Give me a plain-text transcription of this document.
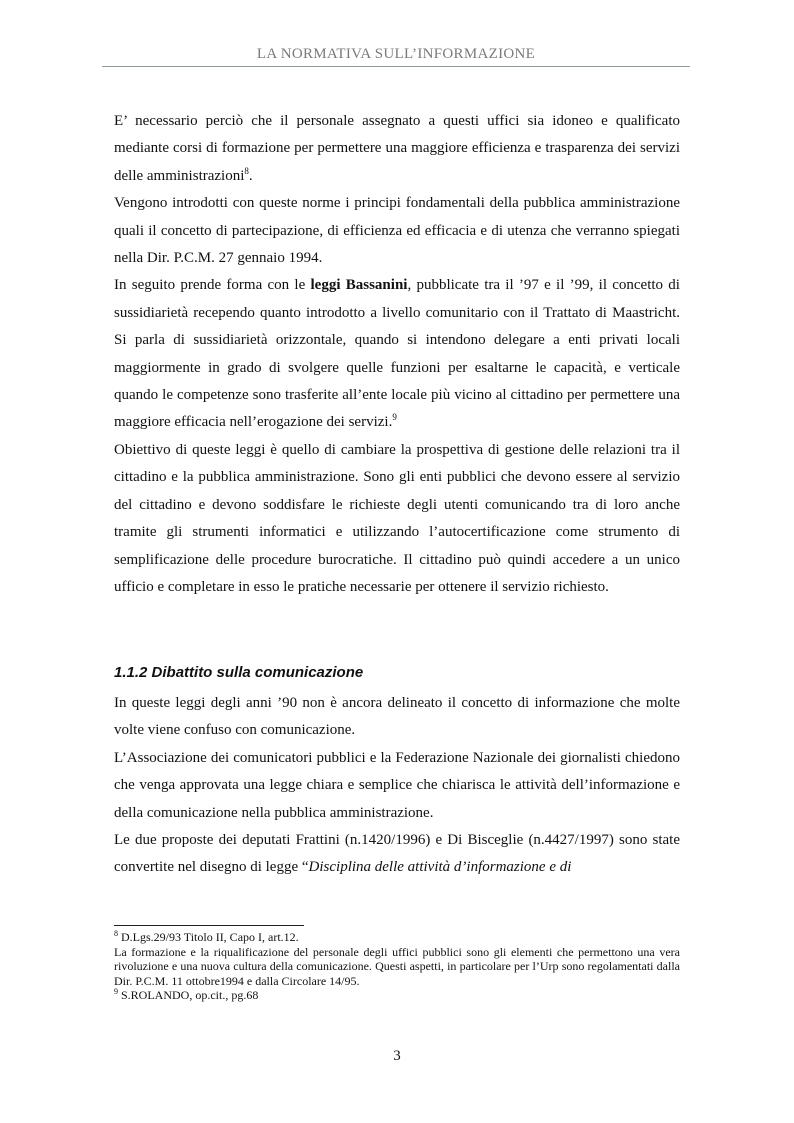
LA NORMATIVA SULL’INFORMAZIONE

E’ necessario perciò che il personale assegnato a questi uffici sia idoneo e qualificato mediante corsi di formazione per permettere una maggiore efficienza e trasparenza dei servizi delle amministrazioni$^8$.

Vengono introdotti con queste norme i principi fondamentali della pubblica amministrazione quali il concetto di partecipazione, di efficienza ed efficacia e di utenza che verranno spiegati nella Dir. P.C.M. 27 gennaio 1994.

In seguito prende forma con le leggi Bassanini, pubblicate tra il ’97 e il ’99, il concetto di sussidiarietà recependo quanto introdotto a livello comunitario con il Trattato di Maastricht. Si parla di sussidiarietà orizzontale, quando si intendono delegare a enti privati locali maggiormente in grado di svolgere quelle funzioni per esaltarne le capacità, e verticale quando le competenze sono trasferite all’ente locale più vicino al cittadino per permettere una maggiore efficacia nell’erogazione dei servizi.$^9$

Obiettivo di queste leggi è quello di cambiare la prospettiva di gestione delle relazioni tra il cittadino e la pubblica amministrazione. Sono gli enti pubblici che devono essere al servizio del cittadino e devono soddisfare le richieste degli utenti comunicando tra di loro anche tramite gli strumenti informatici e utilizzando l’autocertificazione come strumento di semplificazione delle procedure burocratiche. Il cittadino può quindi accedere a un unico ufficio e completare in esso le pratiche necessarie per ottenere il servizio richiesto.

1.1.2 Dibattito sulla comunicazione

In queste leggi degli anni ’90 non è ancora delineato il concetto di informazione che molte volte viene confuso con comunicazione.

L’Associazione dei comunicatori pubblici e la Federazione Nazionale dei giornalisti chiedono che venga approvata una legge chiara e semplice che chiarisca le attività dell’informazione e della comunicazione nella pubblica amministrazione.

Le due proposte dei deputati Frattini (n.1420/1996) e Di Bisceglie (n.4427/1997) sono state convertite nel disegno di legge “Disciplina delle attività d’informazione e di

$^8$ D.Lgs.29/93 Titolo II, Capo I, art.12.

La formazione e la riqualificazione del personale degli uffici pubblici sono gli elementi che permettono una vera rivoluzione e una nuova cultura della comunicazione. Questi aspetti, in particolare per l’Urp sono regolamentati dalla Dir. P.C.M. 11 ottobre1994 e dalla Circolare 14/95.

$^9$ S.ROLANDO, op.cit., pg.68

3
